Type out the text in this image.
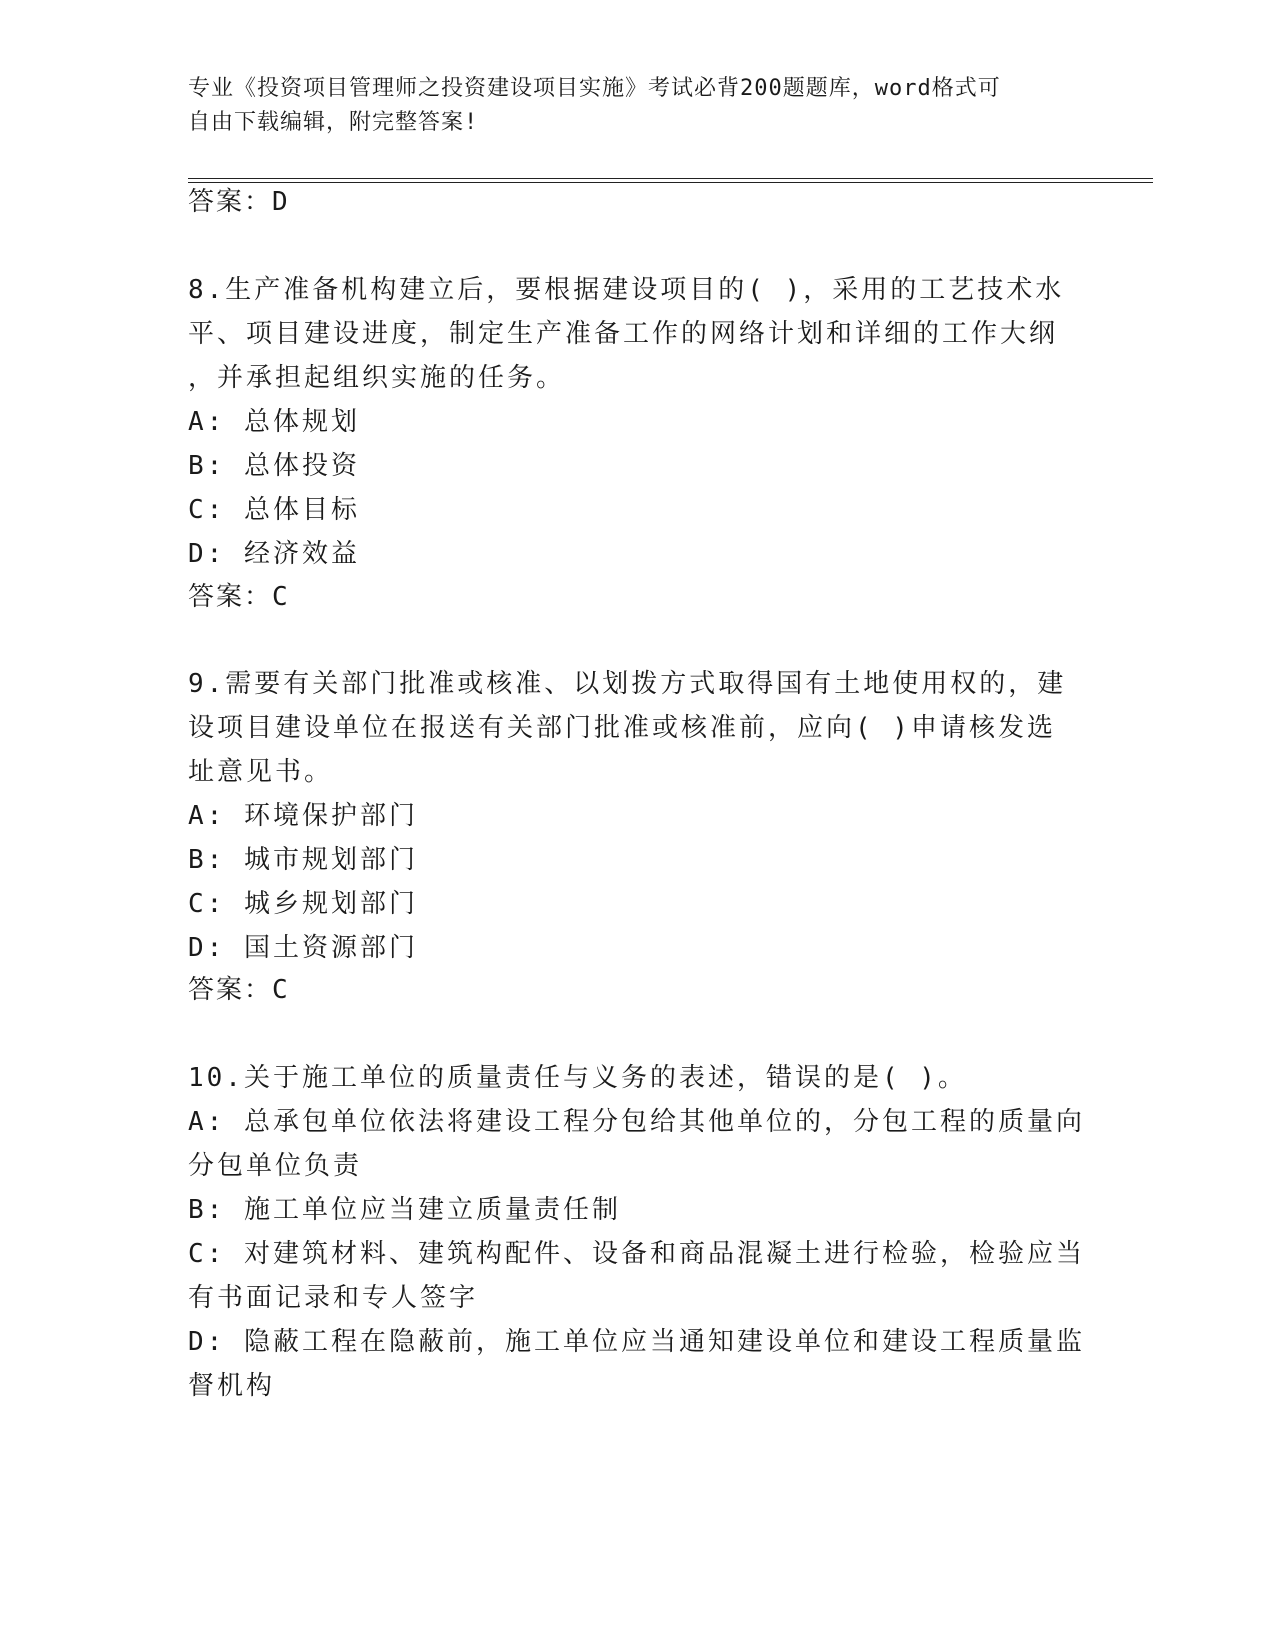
专业《投资项目管理师之投资建设项目实施》考试必背200题题库，word格式可
自由下载编辑，附完整答案!
答案：D
8.生产准备机构建立后，要根据建设项目的( )，采用的工艺技术水
平、项目建设进度，制定生产准备工作的网络计划和详细的工作大纲
，并承担起组织实施的任务。
A: 总体规划
B: 总体投资
C: 总体目标
D: 经济效益
答案：C
9.需要有关部门批准或核准、以划拨方式取得国有土地使用权的，建
设项目建设单位在报送有关部门批准或核准前，应向( )申请核发选
址意见书。
A: 环境保护部门
B: 城市规划部门
C: 城乡规划部门
D: 国土资源部门
答案：C
10.关于施工单位的质量责任与义务的表述，错误的是( )。
A: 总承包单位依法将建设工程分包给其他单位的，分包工程的质量向
分包单位负责
B: 施工单位应当建立质量责任制
C: 对建筑材料、建筑构配件、设备和商品混凝土进行检验，检验应当
有书面记录和专人签字
D: 隐蔽工程在隐蔽前，施工单位应当通知建设单位和建设工程质量监
督机构
